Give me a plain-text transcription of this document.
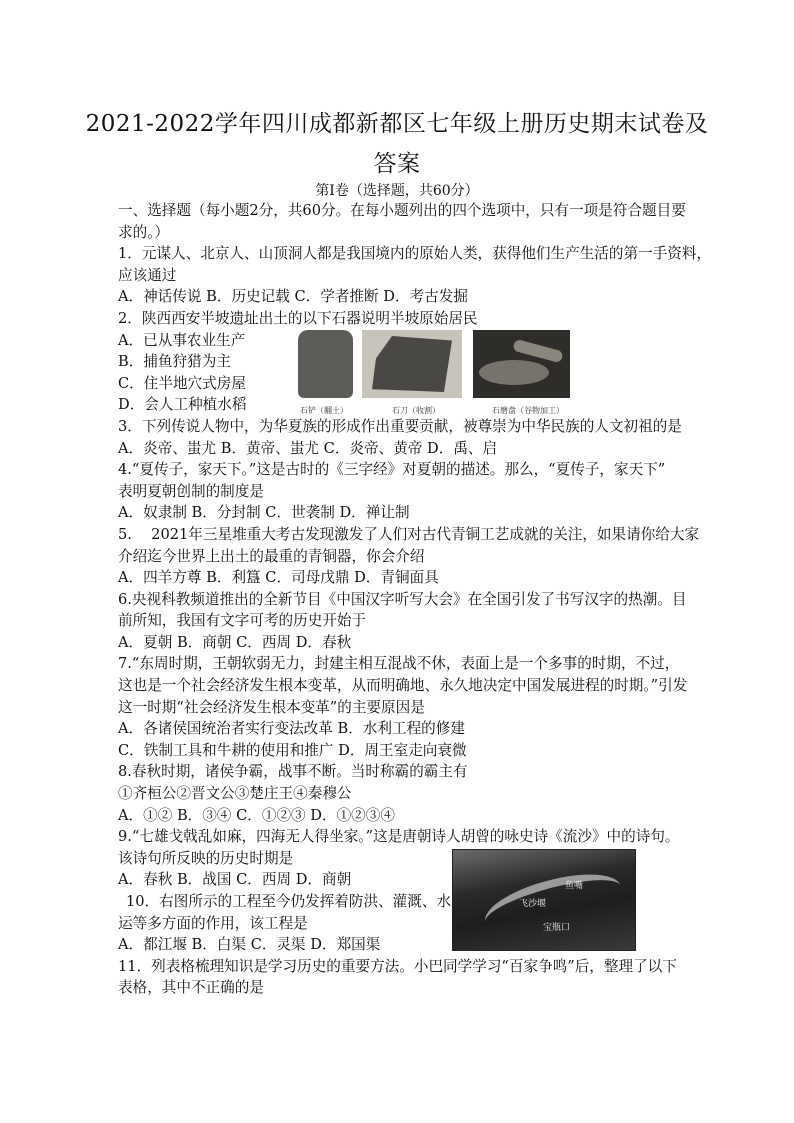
2021-2022学年四川成都新都区七年级上册历史期末试卷及
答案
第I卷（选择题，共60分）
一、选择题（每小题2分，共60分。在每小题列出的四个选项中，只有一项是符合题目要
求的。）
1．元谋人、北京人、山顶洞人都是我国境内的原始人类，获得他们生产生活的第一手资料，
应该通过
A．神话传说 B．历史记载 C．学者推断 D．考古发掘
2．陕西西安半坡遗址出土的以下石器说明半坡原始居民
A．已从事农业生产
B．捕鱼狩猎为主
C．住半地穴式房屋
D．会人工种植水稻
3．下列传说人物中，为华夏族的形成作出重要贡献，被尊崇为中华民族的人文初祖的是
A．炎帝、蚩尤 B．黄帝、蚩尤 C．炎帝、黄帝 D．禹、启
4.“夏传子，家天下。”这是古时的《三字经》对夏朝的描述。那么，“夏传子，家天下”
表明夏朝创制的制度是
A．奴隶制 B．分封制 C．世袭制 D．禅让制
5.　 2021年三星堆重大考古发现激发了人们对古代青铜工艺成就的关注，如果请你给大家
介绍迄今世界上出土的最重的青铜器，你会介绍
A．四羊方尊 B．利簋 C．司母戊鼎 D．青铜面具
6.央视科教频道推出的全新节目《中国汉字听写大会》在全国引发了书写汉字的热潮。目
前所知，我国有文字可考的历史开始于
A．夏朝 B．商朝 C．西周 D．春秋
7.“东周时期，王朝软弱无力，封建主相互混战不休，表面上是一个多事的时期，不过，
这也是一个社会经济发生根本变革，从而明确地、永久地决定中国发展进程的时期。”引发
这一时期“社会经济发生根本变革”的主要原因是
A．各诸侯国统治者实行变法改革 B．水利工程的修建
C．铁制工具和牛耕的使用和推广 D．周王室走向衰微
8.春秋时期，诸侯争霸，战事不断。当时称霸的霸主有
①齐桓公②晋文公③楚庄王④秦穆公
A．①② B．③④ C．①②③ D．①②③④
9.“七雄戈戟乱如麻，四海无人得坐家。”这是唐朝诗人胡曾的咏史诗《流沙》中的诗句。
该诗句所反映的历史时期是
A．春秋 B．战国 C．西周 D．商朝
10．右图所示的工程至今仍发挥着防洪、灌溉、水
运等多方面的作用，该工程是
A．都江堰 B．白渠 C．灵渠 D．郑国渠
11．列表格梳理知识是学习历史的重要方法。小巴同学学习“百家争鸣”后，整理了以下
表格，其中不正确的是
石铲（翻土）	石刀（收割）	石磨盘（谷物加工）
鱼嘴
飞沙堰
宝瓶口
